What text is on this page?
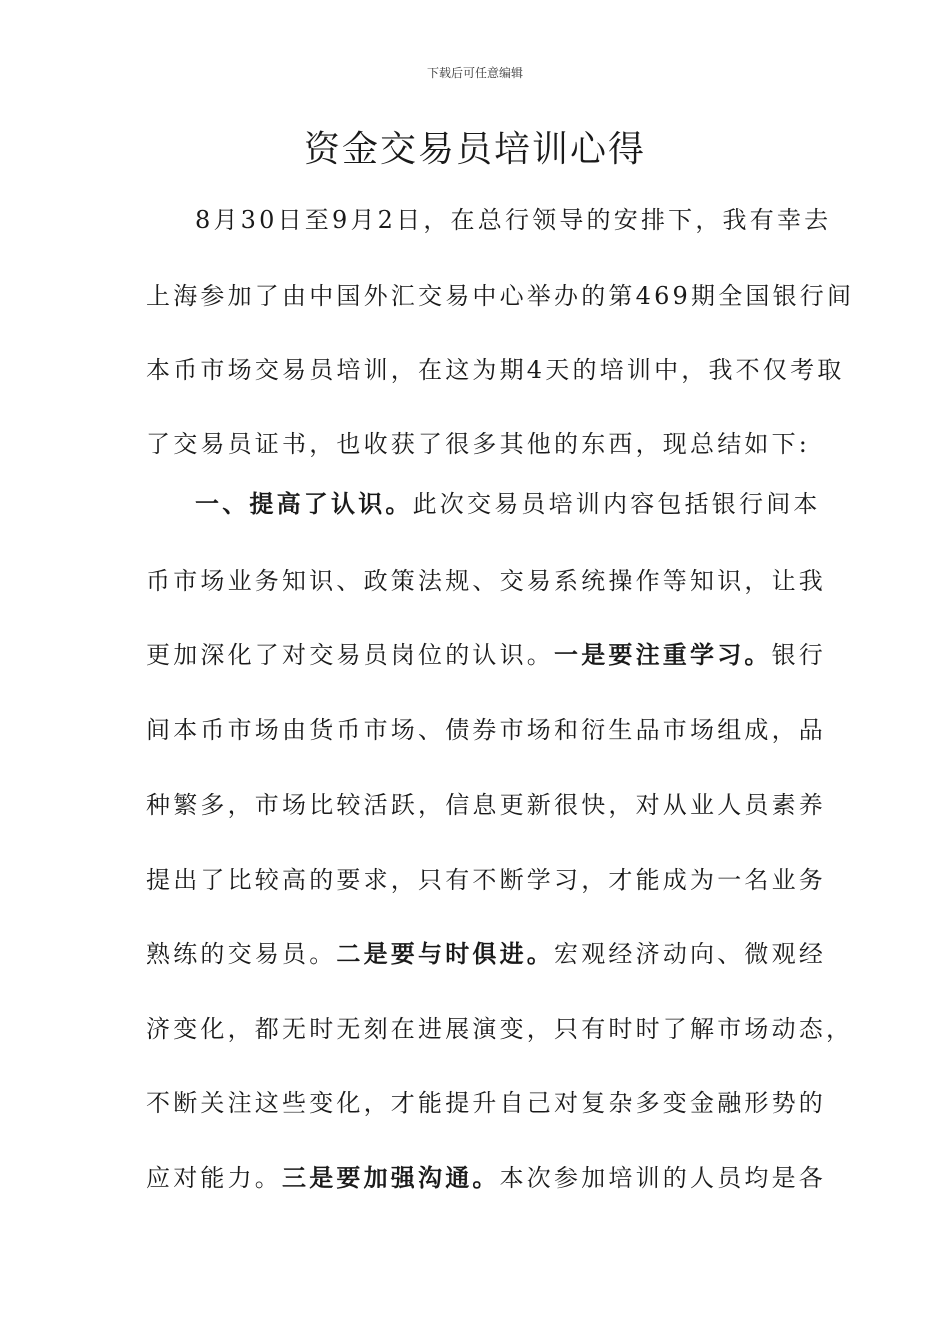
下载后可任意编辑
资金交易员培训心得
8月30日至9月2日，在总行领导的安排下，我有幸去
上海参加了由中国外汇交易中心举办的第469期全国银行间
本币市场交易员培训，在这为期4天的培训中，我不仅考取
了交易员证书，也收获了很多其他的东西，现总结如下:
一、提高了认识。此次交易员培训内容包括银行间本
币市场业务知识、政策法规、交易系统操作等知识，让我
更加深化了对交易员岗位的认识。一是要注重学习。银行
间本币市场由货币市场、债券市场和衍生品市场组成，品
种繁多，市场比较活跃，信息更新很快，对从业人员素养
提出了比较高的要求，只有不断学习，才能成为一名业务
熟练的交易员。二是要与时俱进。宏观经济动向、微观经
济变化，都无时无刻在进展演变，只有时时了解市场动态，
不断关注这些变化，才能提升自己对复杂多变金融形势的
应对能力。三是要加强沟通。本次参加培训的人员均是各
